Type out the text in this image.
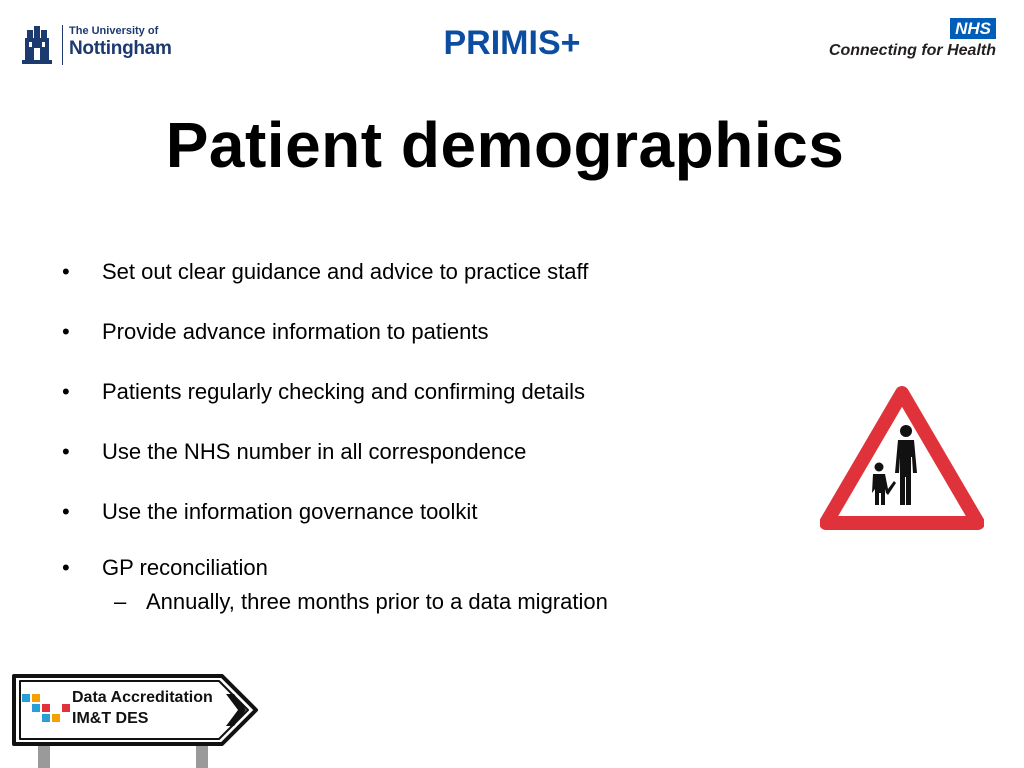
The University of
Nottingham	PRIMIS+	NHS
Connecting for Health
Patient demographics
• Set out clear guidance and advice to practice staff
• Provide advance information to patients
• Patients regularly checking and confirming details
• Use the NHS number in all correspondence
• Use the information governance toolkit
• GP reconciliation
– Annually, three months prior to a data migration
Data Accreditation
IM&T DES
